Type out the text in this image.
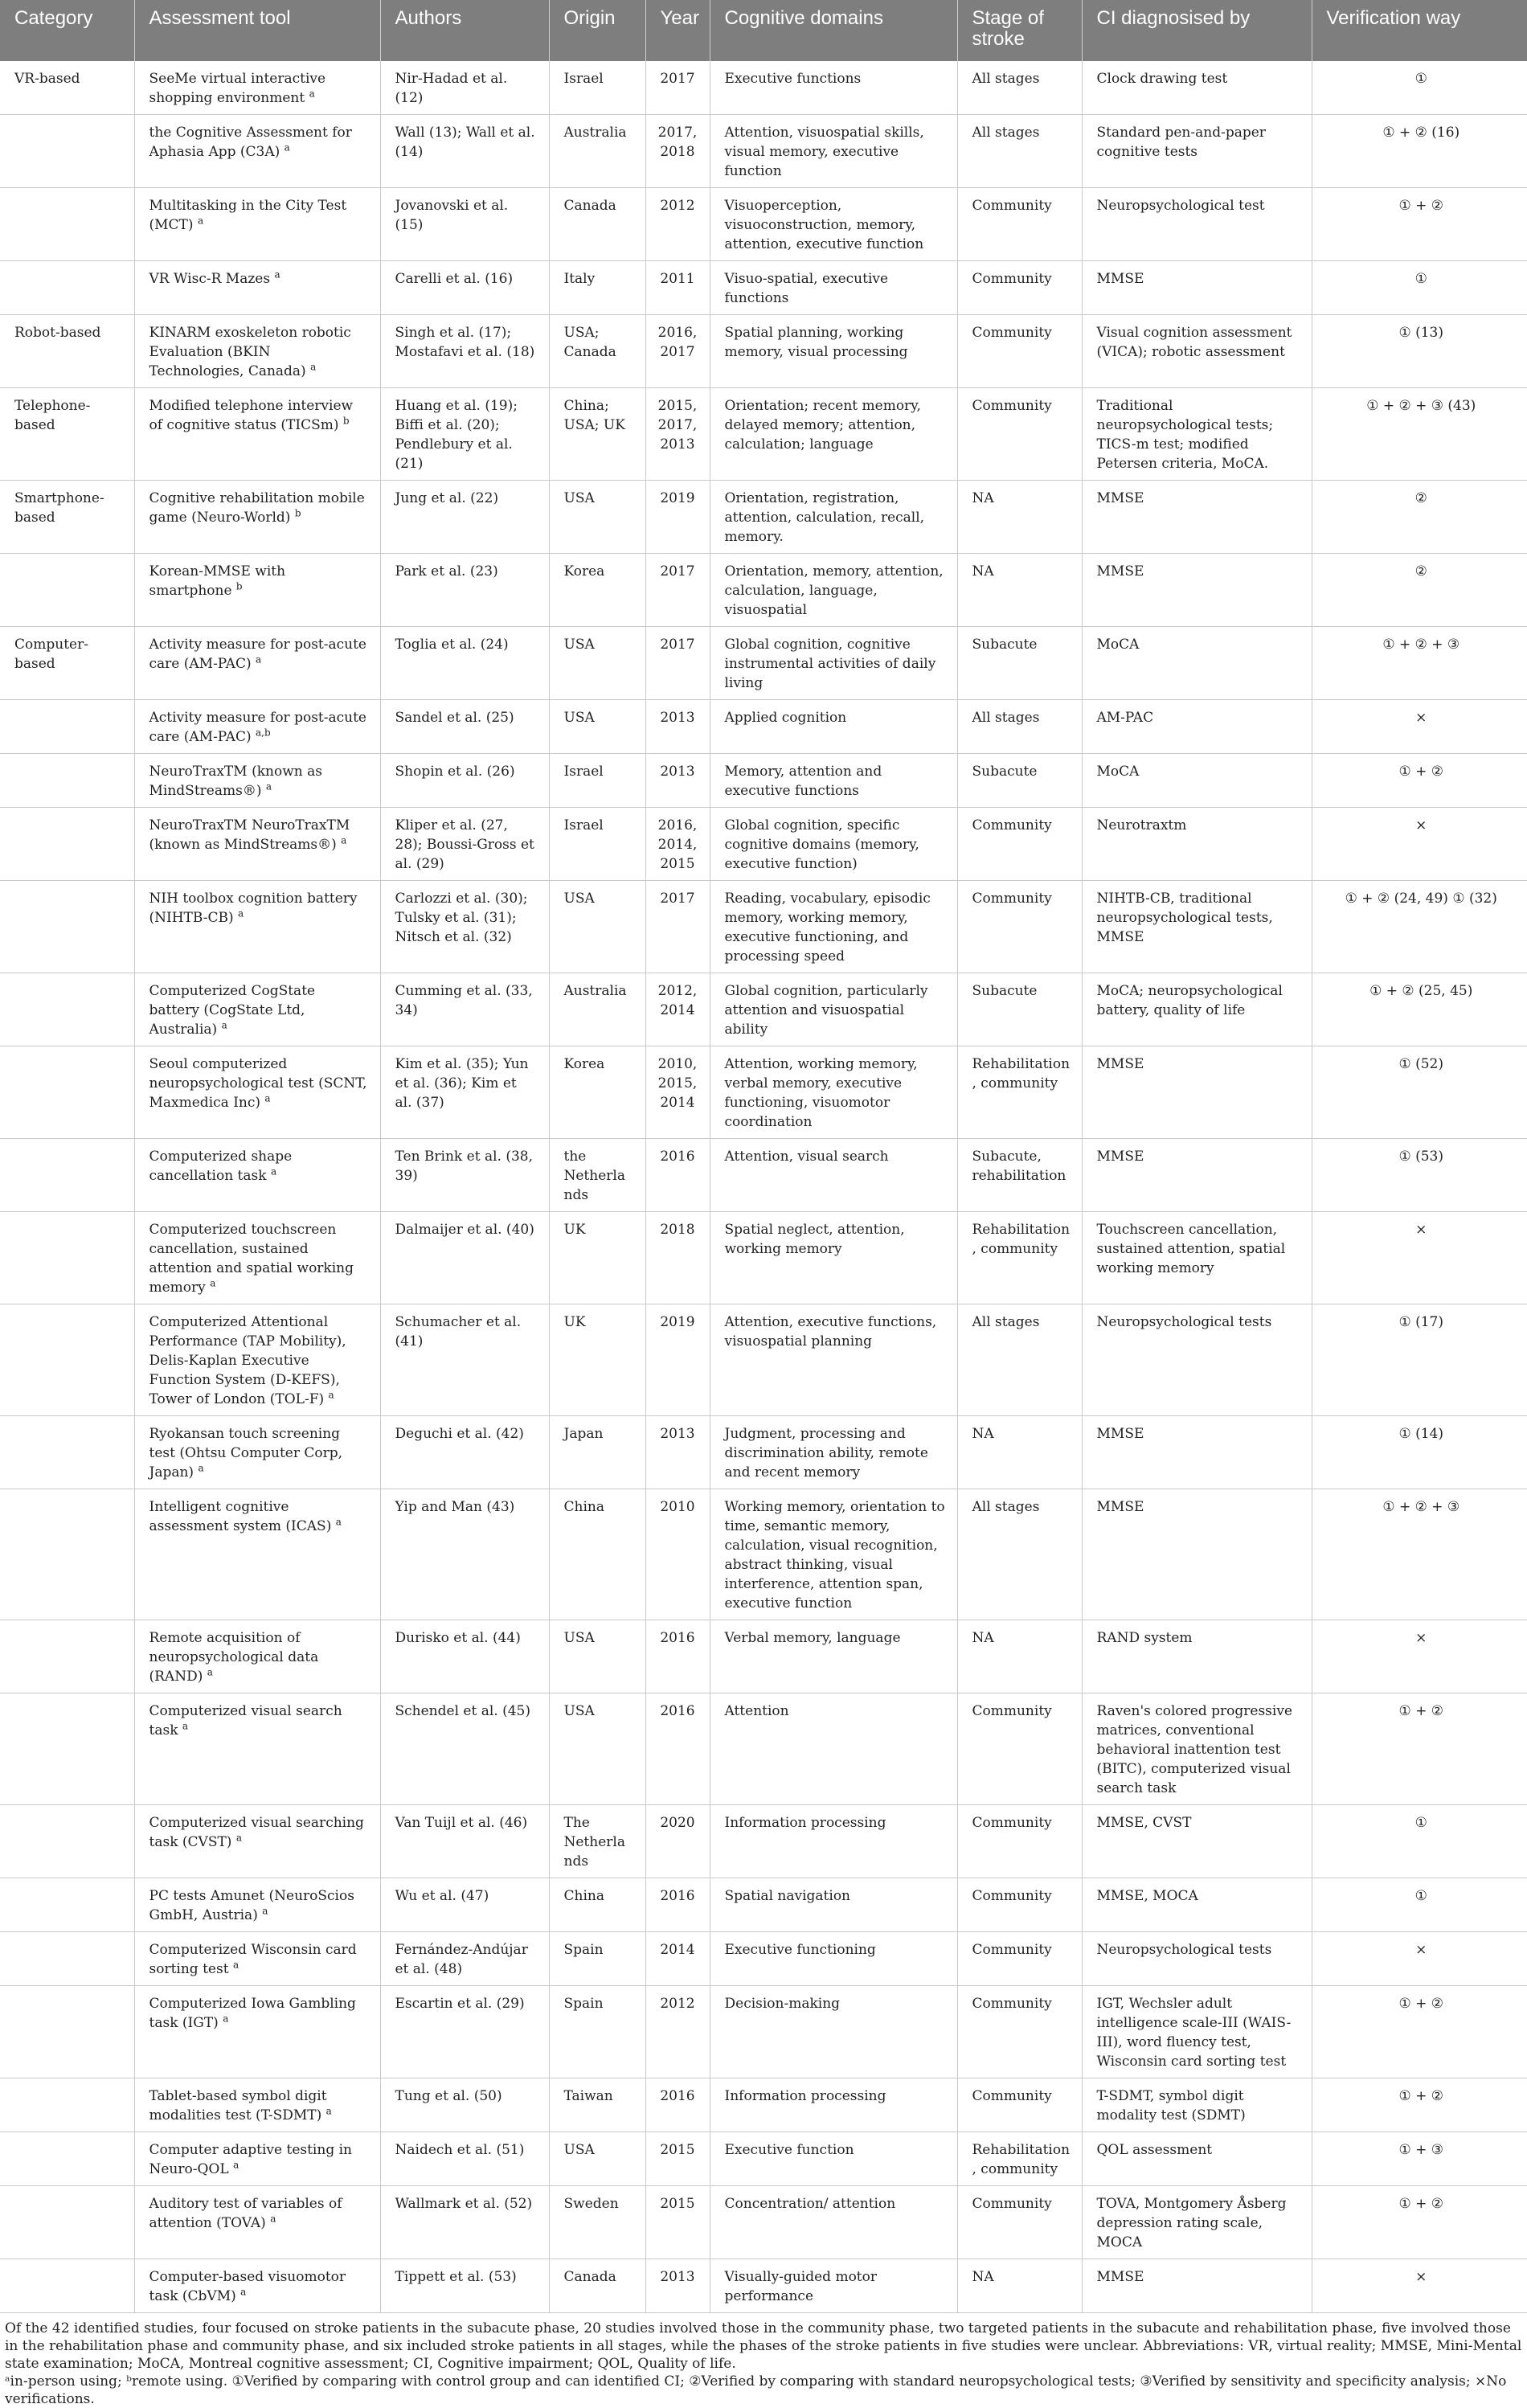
Category	Assessment tool	Authors	Origin	Year	Cognitive domains	Stage of stroke	CI diagnosised by	Verification way
VR-based	SeeMe virtual interactive shopping environment $^a$	Nir-Hadad et al. (12)	Israel	2017	Executive functions	All stages	Clock drawing test	①
	the Cognitive Assessment for Aphasia App (C3A) $^a$	Wall (13); Wall et al. (14)	Australia	2017, 2018	Attention, visuospatial skills, visual memory, executive function	All stages	Standard pen-and-paper cognitive tests	① + ② (16)
	Multitasking in the City Test (MCT) $^a$	Jovanovski et al. (15)	Canada	2012	Visuoperception, visuoconstruction, memory, attention, executive function	Community	Neuropsychological test	① + ②
	VR Wisc-R Mazes $^a$	Carelli et al. (16)	Italy	2011	Visuo-spatial, executive functions	Community	MMSE	①
Robot-based	KINARM exoskeleton robotic Evaluation (BKIN Technologies, Canada) $^a$	Singh et al. (17); Mostafavi et al. (18)	USA; Canada	2016, 2017	Spatial planning, working memory, visual processing	Community	Visual cognition assessment (VICA); robotic assessment	① (13)
Telephone-based	Modified telephone interview of cognitive status (TICSm) $^b$	Huang et al. (19); Biffi et al. (20); Pendlebury et al. (21)	China; USA; UK	2015, 2017, 2013	Orientation; recent memory, delayed memory; attention, calculation; language	Community	Traditional neuropsychological tests; TICS-m test; modified Petersen criteria, MoCA.	① + ② + ③ (43)
Smartphone-based	Cognitive rehabilitation mobile game (Neuro-World) $^b$	Jung et al. (22)	USA	2019	Orientation, registration, attention, calculation, recall, memory.	NA	MMSE	②
	Korean-MMSE with smartphone $^b$	Park et al. (23)	Korea	2017	Orientation, memory, attention, calculation, language, visuospatial	NA	MMSE	②
Computer-based	Activity measure for post-acute care (AM-PAC) $^a$	Toglia et al. (24)	USA	2017	Global cognition, cognitive instrumental activities of daily living	Subacute	MoCA	① + ② + ③
	Activity measure for post-acute care (AM-PAC) $^{a,b}$	Sandel et al. (25)	USA	2013	Applied cognition	All stages	AM-PAC	×
	NeuroTraxTM (known as MindStreams®) $^a$	Shopin et al. (26)	Israel	2013	Memory, attention and executive functions	Subacute	MoCA	① + ②
	NeuroTraxTM NeuroTraxTM (known as MindStreams®) $^a$	Kliper et al. (27, 28); Boussi-Gross et al. (29)	Israel	2016, 2014, 2015	Global cognition, specific cognitive domains (memory, executive function)	Community	Neurotraxtm	×
	NIH toolbox cognition battery (NIHTB-CB) $^a$	Carlozzi et al. (30); Tulsky et al. (31); Nitsch et al. (32)	USA	2017	Reading, vocabulary, episodic memory, working memory, executive functioning, and processing speed	Community	NIHTB-CB, traditional neuropsychological tests, MMSE	① + ② (24, 49) ① (32)
	Computerized CogState battery (CogState Ltd, Australia) $^a$	Cumming et al. (33, 34)	Australia	2012, 2014	Global cognition, particularly attention and visuospatial ability	Subacute	MoCA; neuropsychological battery, quality of life	① + ② (25, 45)
	Seoul computerized neuropsychological test (SCNT, Maxmedica Inc) $^a$	Kim et al. (35); Yun et al. (36); Kim et al. (37)	Korea	2010, 2015, 2014	Attention, working memory, verbal memory, executive functioning, visuomotor coordination	Rehabilitation, community	MMSE	① (52)
	Computerized shape cancellation task $^a$	Ten Brink et al. (38, 39)	the Netherlands	2016	Attention, visual search	Subacute, rehabilitation	MMSE	① (53)
	Computerized touchscreen cancellation, sustained attention and spatial working memory $^a$	Dalmaijer et al. (40)	UK	2018	Spatial neglect, attention, working memory	Rehabilitation, community	Touchscreen cancellation, sustained attention, spatial working memory	×
	Computerized Attentional Performance (TAP Mobility), Delis-Kaplan Executive Function System (D-KEFS), Tower of London (TOL-F) $^a$	Schumacher et al. (41)	UK	2019	Attention, executive functions, visuospatial planning	All stages	Neuropsychological tests	① (17)
	Ryokansan touch screening test (Ohtsu Computer Corp, Japan) $^a$	Deguchi et al. (42)	Japan	2013	Judgment, processing and discrimination ability, remote and recent memory	NA	MMSE	① (14)
	Intelligent cognitive assessment system (ICAS) $^a$	Yip and Man (43)	China	2010	Working memory, orientation to time, semantic memory, calculation, visual recognition, abstract thinking, visual interference, attention span, executive function	All stages	MMSE	① + ② + ③
	Remote acquisition of neuropsychological data (RAND) $^a$	Durisko et al. (44)	USA	2016	Verbal memory, language	NA	RAND system	×
	Computerized visual search task $^a$	Schendel et al. (45)	USA	2016	Attention	Community	Raven's colored progressive matrices, conventional behavioral inattention test (BITC), computerized visual search task	① + ②
	Computerized visual searching task (CVST) $^a$	Van Tuijl et al. (46)	The Netherlands	2020	Information processing	Community	MMSE, CVST	①
	PC tests Amunet (NeuroScios GmbH, Austria) $^a$	Wu et al. (47)	China	2016	Spatial navigation	Community	MMSE, MOCA	①
	Computerized Wisconsin card sorting test $^a$	Fernández-Andújar et al. (48)	Spain	2014	Executive functioning	Community	Neuropsychological tests	×
	Computerized Iowa Gambling task (IGT) $^a$	Escartin et al. (29)	Spain	2012	Decision-making	Community	IGT, Wechsler adult intelligence scale-III (WAIS-III), word fluency test, Wisconsin card sorting test	① + ②
	Tablet-based symbol digit modalities test (T-SDMT) $^a$	Tung et al. (50)	Taiwan	2016	Information processing	Community	T-SDMT, symbol digit modality test (SDMT)	① + ②
	Computer adaptive testing in Neuro-QOL $^a$	Naidech et al. (51)	USA	2015	Executive function	Rehabilitation, community	QOL assessment	① + ③
	Auditory test of variables of attention (TOVA) $^a$	Wallmark et al. (52)	Sweden	2015	Concentration/ attention	Community	TOVA, Montgomery Åsberg depression rating scale, MOCA	① + ②
	Computer-based visuomotor task (CbVM) $^a$	Tippett et al. (53)	Canada	2013	Visually-guided motor performance	NA	MMSE	×
Of the 42 identified studies, four focused on stroke patients in the subacute phase, 20 studies involved those in the community phase, two targeted patients in the subacute and rehabilitation phase, five involved those in the rehabilitation phase and community phase, and six included stroke patients in all stages, while the phases of the stroke patients in five studies were unclear. Abbreviations: VR, virtual reality; MMSE, Mini-Mental state examination; MoCA, Montreal cognitive assessment; CI, Cognitive impairment; QOL, Quality of life.
ᵃin-person using; ᵇremote using. ①Verified by comparing with control group and can identified CI; ②Verified by comparing with standard neuropsychological tests; ③Verified by sensitivity and specificity analysis; ×No verifications.
